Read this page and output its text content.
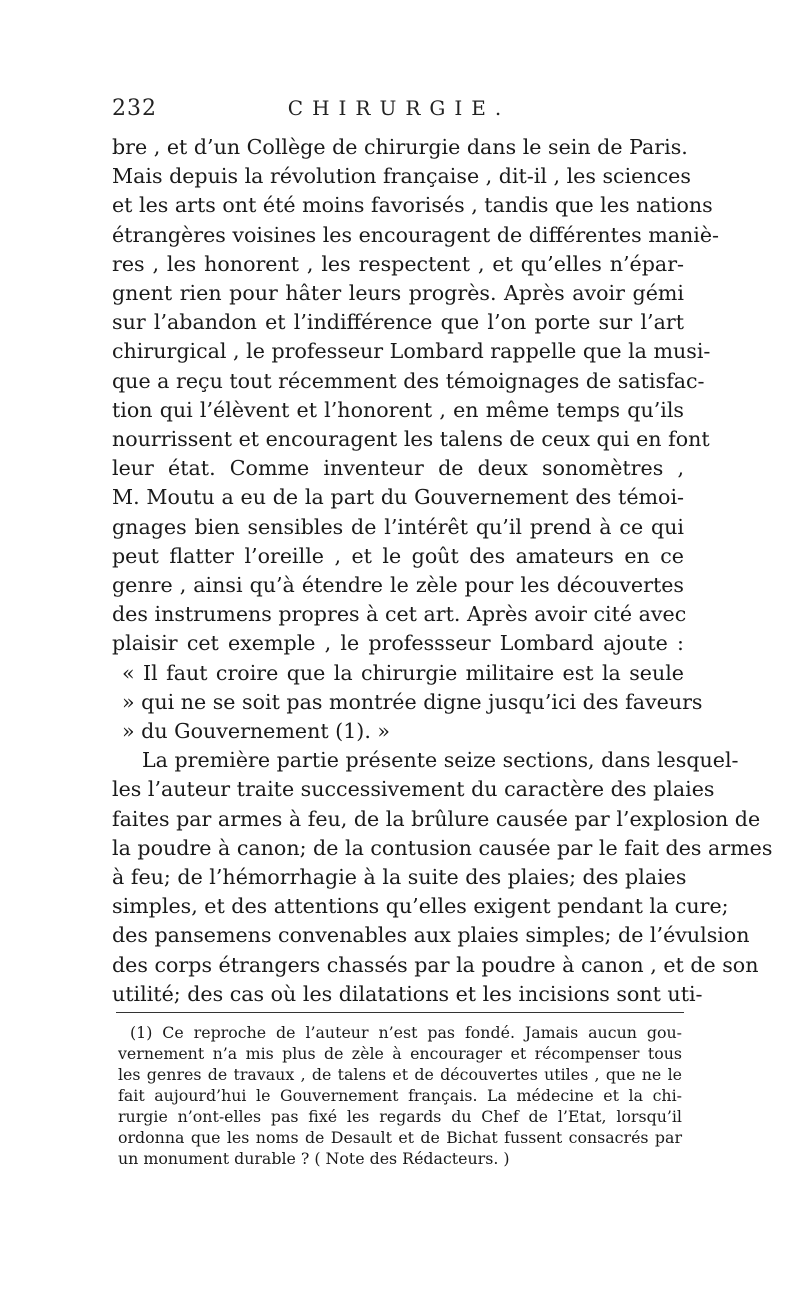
232	CHIRURGIE.
bre , et d’un Collège de chirurgie dans le sein de Paris.
Mais depuis la révolution française , dit-il , les sciences
et les arts ont été moins favorisés , tandis que les nations
étrangères voisines les encouragent de différentes maniè-
res , les honorent , les respectent , et qu’elles n’épar-
gnent rien pour hâter leurs progrès. Après avoir gémi
sur l’abandon et l’indifférence que l’on porte sur l’art
chirurgical , le professeur Lombard rappelle que la musi-
que a reçu tout récemment des témoignages de satisfac-
tion qui l’élèvent et l’honorent , en même temps qu’ils
nourrissent et encouragent les talens de ceux qui en font
leur état. Comme inventeur de deux sonomètres ,
M. Moutu a eu de la part du Gouvernement des témoi-
gnages bien sensibles de l’intérêt qu’il prend à ce qui
peut flatter l’oreille , et le goût des amateurs en ce
genre , ainsi qu’à étendre le zèle pour les découvertes
des instrumens propres à cet art. Après avoir cité avec
plaisir cet exemple , le professseur Lombard ajoute :
« Il faut croire que la chirurgie militaire est la seule
» qui ne se soit pas montrée digne jusqu’ici des faveurs
» du Gouvernement (1). »
La première partie présente seize sections, dans lesquel-
les l’auteur traite successivement du caractère des plaies
faites par armes à feu, de la brûlure causée par l’explosion de
la poudre à canon; de la contusion causée par le fait des armes
à feu; de l’hémorrhagie à la suite des plaies; des plaies
simples, et des attentions qu’elles exigent pendant la cure;
des pansemens convenables aux plaies simples; de l’évulsion
des corps étrangers chassés par la poudre à canon , et de son
utilité; des cas où les dilatations et les incisions sont uti-
(1) Ce reproche de l’auteur n’est pas fondé. Jamais aucun gou-
vernement n’a mis plus de zèle à encourager et récompenser tous
les genres de travaux , de talens et de découvertes utiles , que ne le
fait aujourd’hui le Gouvernement français. La médecine et la chi-
rurgie n’ont-elles pas fixé les regards du Chef de l’Etat, lorsqu’il
ordonna que les noms de Desault et de Bichat fussent consacrés par
un monument durable ? ( Note des Rédacteurs. )
